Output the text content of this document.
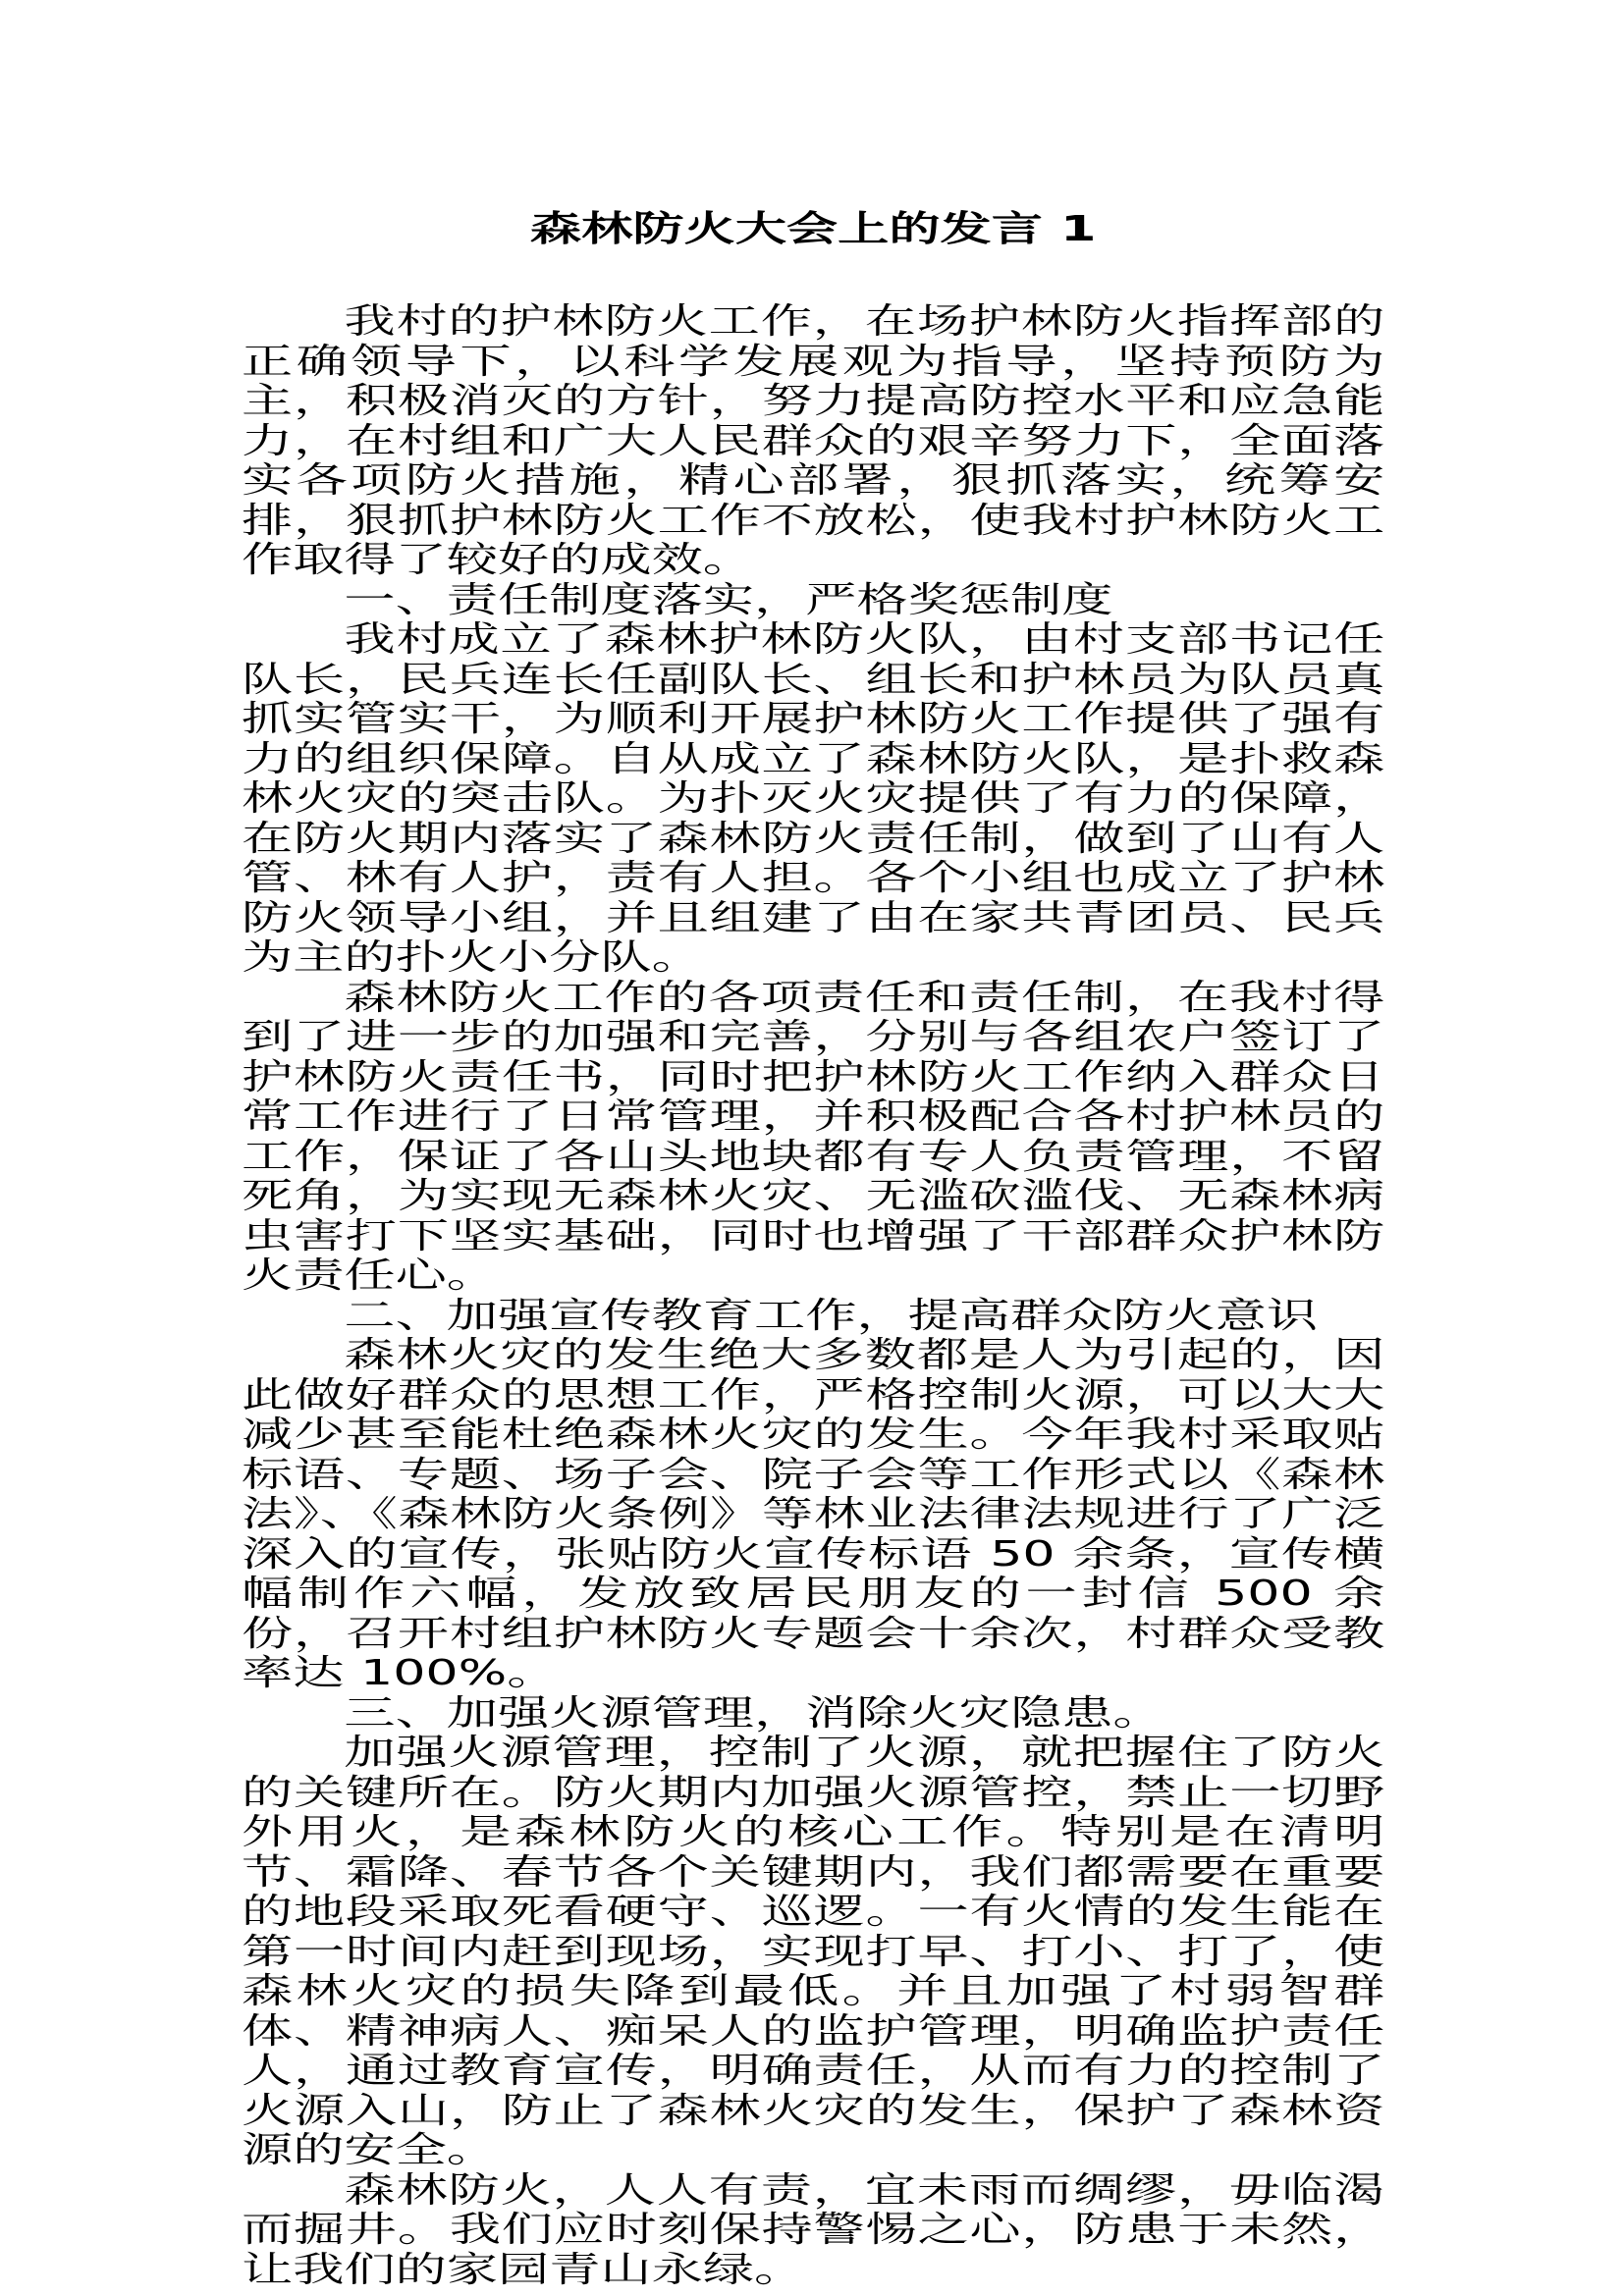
森林防火大会上的发言 1

我村的护林防火工作，在场护林防火指挥部的正确领导下，以科学发展观为指导，坚持预防为主，积极消灭的方针，努力提高防控水平和应急能力，在村组和广大人民群众的艰辛努力下，全面落实各项防火措施，精心部署，狠抓落实，统筹安排，狠抓护林防火工作不放松，使我村护林防火工作取得了较好的成效。

一、责任制度落实，严格奖惩制度

我村成立了森林护林防火队，由村支部书记任队长，民兵连长任副队长、组长和护林员为队员真抓实管实干，为顺利开展护林防火工作提供了强有力的组织保障。自从成立了森林防火队，是扑救森林火灾的突击队。为扑灭火灾提供了有力的保障，在防火期内落实了森林防火责任制，做到了山有人管、林有人护，责有人担。各个小组也成立了护林防火领导小组，并且组建了由在家共青团员、民兵为主的扑火小分队。

森林防火工作的各项责任和责任制，在我村得到了进一步的加强和完善，分别与各组农户签订了护林防火责任书，同时把护林防火工作纳入群众日常工作进行了日常管理，并积极配合各村护林员的工作，保证了各山头地块都有专人负责管理，不留死角，为实现无森林火灾、无滥砍滥伐、无森林病虫害打下坚实基础，同时也增强了干部群众护林防火责任心。

二、加强宣传教育工作，提高群众防火意识

森林火灾的发生绝大多数都是人为引起的，因此做好群众的思想工作，严格控制火源，可以大大减少甚至能杜绝森林火灾的发生。今年我村采取贴标语、专题、场子会、院子会等工作形式以《森林法》、《森林防火条例》等林业法律法规进行了广泛深入的宣传，张贴防火宣传标语 50 余条，宣传横幅制作六幅，发放致居民朋友的一封信 500 余份，召开村组护林防火专题会十余次，村群众受教率达 100%。

三、加强火源管理，消除火灾隐患。

加强火源管理，控制了火源，就把握住了防火的关键所在。防火期内加强火源管控，禁止一切野外用火，是森林防火的核心工作。特别是在清明节、霜降、春节各个关键期内，我们都需要在重要的地段采取死看硬守、巡逻。一有火情的发生能在第一时间内赶到现场，实现打早、打小、打了，使森林火灾的损失降到最低。并且加强了村弱智群体、精神病人、痴呆人的监护管理，明确监护责任人，通过教育宣传，明确责任，从而有力的控制了火源入山，防止了森林火灾的发生，保护了森林资源的安全。

森林防火，人人有责，宜未雨而绸缪，毋临渴而掘井。我们应时刻保持警惕之心，防患于未然，让我们的家园青山永绿。
